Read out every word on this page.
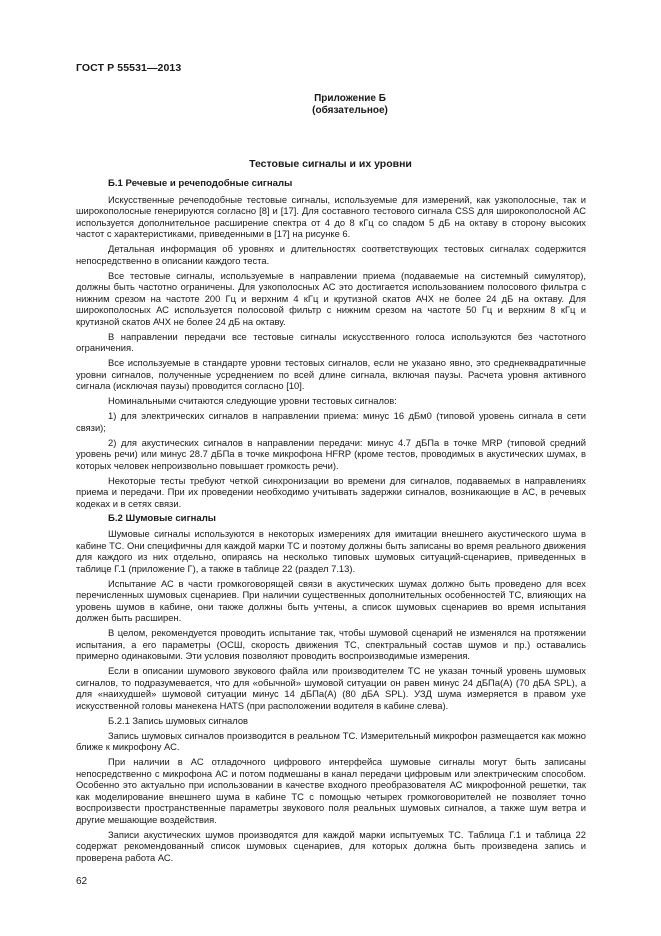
ГОСТ Р 55531—2013
Приложение Б
(обязательное)
Тестовые сигналы и их уровни
Б.1 Речевые и речеподобные сигналы

Искусственные речеподобные тестовые сигналы, используемые для измерений, как узкополосные, так и широкополосные генерируются согласно [8] и [17]. Для составного тестового сигнала CSS для широкополосной АС используется дополнительное расширение спектра от 4 до 8 кГц со спадом 5 дБ на октаву в сторону высоких частот с характеристиками, приведенными в [17] на рисунке 6.

Детальная информация об уровнях и длительностях соответствующих тестовых сигналах содержится непосредственно в описании каждого теста.

Все тестовые сигналы, используемые в направлении приема (подаваемые на системный симулятор), должны быть частотно ограничены. Для узкополосных АС это достигается использованием полосового фильтра с нижним срезом на частоте 200 Гц и верхним 4 кГц и крутизной скатов АЧХ не более 24 дБ на октаву. Для широкополосных АС используется полосовой фильтр с нижним срезом на частоте 50 Гц и верхним 8 кГц и крутизной скатов АЧХ не более 24 дБ на октаву.

В направлении передачи все тестовые сигналы искусственного голоса используются без частотного ограничения.

Все используемые в стандарте уровни тестовых сигналов, если не указано явно, это среднеквадратичные уровни сигналов, полученные усреднением по всей длине сигнала, включая паузы. Расчета уровня активного сигнала (исключая паузы) проводится согласно [10].

Номинальными считаются следующие уровни тестовых сигналов:

1) для электрических сигналов в направлении приема: минус 16 дБм0 (типовой уровень сигнала в сети связи);

2) для акустических сигналов в направлении передачи: минус 4.7 дБПа в точке MRP (типовой средний уровень речи) или минус 28.7 дБПа в точке микрофона HFRP (кроме тестов, проводимых в акустических шумах, в которых человек непроизвольно повышает громкость речи).

Некоторые тесты требуют четкой синхронизации во времени для сигналов, подаваемых в направлениях приема и передачи. При их проведении необходимо учитывать задержки сигналов, возникающие в АС, в речевых кодеках и в сетях связи.

Б.2 Шумовые сигналы

Шумовые сигналы используются в некоторых измерениях для имитации внешнего акустического шума в кабине ТС. Они специфичны для каждой марки ТС и поэтому должны быть записаны во время реального движения для каждого из них отдельно, опираясь на несколько типовых шумовых ситуаций-сценариев, приведенных в таблице Г.1 (приложение Г), а также в таблице 22 (раздел 7.13).

Испытание АС в части громкоговорящей связи в акустических шумах должно быть проведено для всех перечисленных шумовых сценариев. При наличии существенных дополнительных особенностей ТС, влияющих на уровень шумов в кабине, они также должны быть учтены, а список шумовых сценариев во время испытания должен быть расширен.

В целом, рекомендуется проводить испытание так, чтобы шумовой сценарий не изменялся на протяжении испытания, а его параметры (ОСШ, скорость движения ТС, спектральный состав шумов и пр.) оставались примерно одинаковыми. Эти условия позволяют проводить воспроизводимые измерения.

Если в описании шумового звукового файла или производителем ТС не указан точный уровень шумовых сигналов, то подразумевается, что для «обычной» шумовой ситуации он равен минус 24 дБПа(А) (70 дБА SPL), а для «наихудшей» шумовой ситуации минус 14 дБПа(А) (80 дБА SPL). УЗД шума измеряется в правом ухе искусственной головы манекена HATS (при расположении водителя в кабине слева).

Б.2.1 Запись шумовых сигналов

Запись шумовых сигналов производится в реальном ТС. Измерительный микрофон размещается как можно ближе к микрофону АС.

При наличии в АС отладочного цифрового интерфейса шумовые сигналы могут быть записаны непосредственно с микрофона АС и потом подмешаны в канал передачи цифровым или электрическим способом. Особенно это актуально при использовании в качестве входного преобразователя АС микрофонной решетки, так как моделирование внешнего шума в кабине ТС с помощью четырех громкоговорителей не позволяет точно воспроизвести пространственные параметры звукового поля реальных шумовых сигналов, а также шум ветра и другие мешающие воздействия.

Записи акустических шумов производятся для каждой марки испытуемых ТС. Таблица Г.1 и таблица 22 содержат рекомендованный список шумовых сценариев, для которых должна быть произведена запись и проверена работа АС.

62
